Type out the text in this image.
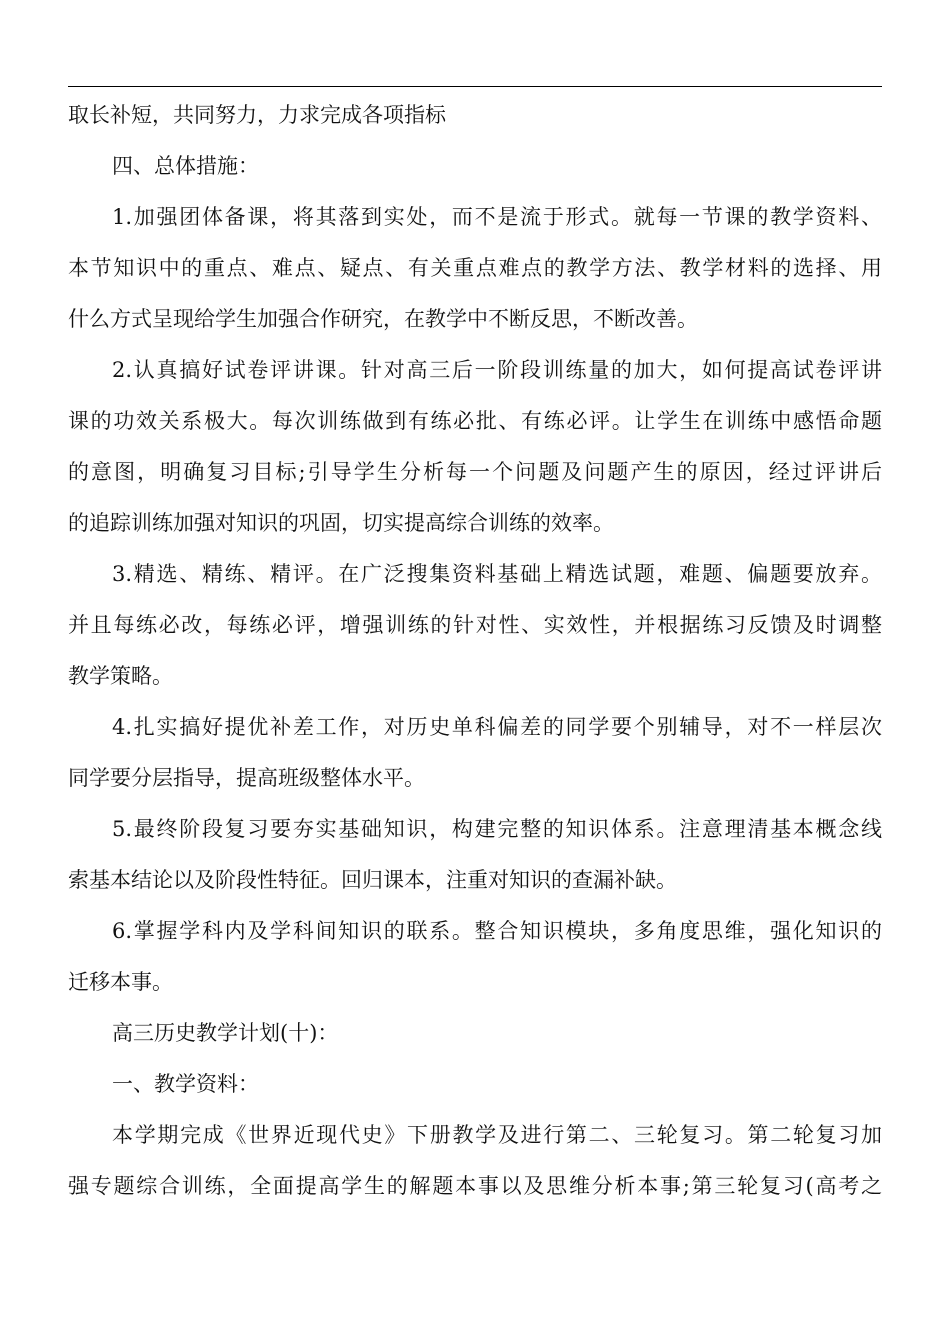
取长补短，共同努力，力求完成各项指标
四、总体措施：
1.加强团体备课，将其落到实处，而不是流于形式。就每一节课的教学资料、
本节知识中的重点、难点、疑点、有关重点难点的教学方法、教学材料的选择、用
什么方式呈现给学生加强合作研究，在教学中不断反思，不断改善。
2.认真搞好试卷评讲课。针对高三后一阶段训练量的加大，如何提高试卷评讲
课的功效关系极大。每次训练做到有练必批、有练必评。让学生在训练中感悟命题
的意图，明确复习目标;引导学生分析每一个问题及问题产生的原因，经过评讲后
的追踪训练加强对知识的巩固，切实提高综合训练的效率。
3.精选、精练、精评。在广泛搜集资料基础上精选试题，难题、偏题要放弃。
并且每练必改，每练必评，增强训练的针对性、实效性，并根据练习反馈及时调整
教学策略。
4.扎实搞好提优补差工作，对历史单科偏差的同学要个别辅导，对不一样层次
同学要分层指导，提高班级整体水平。
5.最终阶段复习要夯实基础知识，构建完整的知识体系。注意理清基本概念线
索基本结论以及阶段性特征。回归课本，注重对知识的查漏补缺。
6.掌握学科内及学科间知识的联系。整合知识模块，多角度思维，强化知识的
迁移本事。
高三历史教学计划(十)：
一、教学资料：
本学期完成《世界近现代史》下册教学及进行第二、三轮复习。第二轮复习加
强专题综合训练，全面提高学生的解题本事以及思维分析本事;第三轮复习(高考之
